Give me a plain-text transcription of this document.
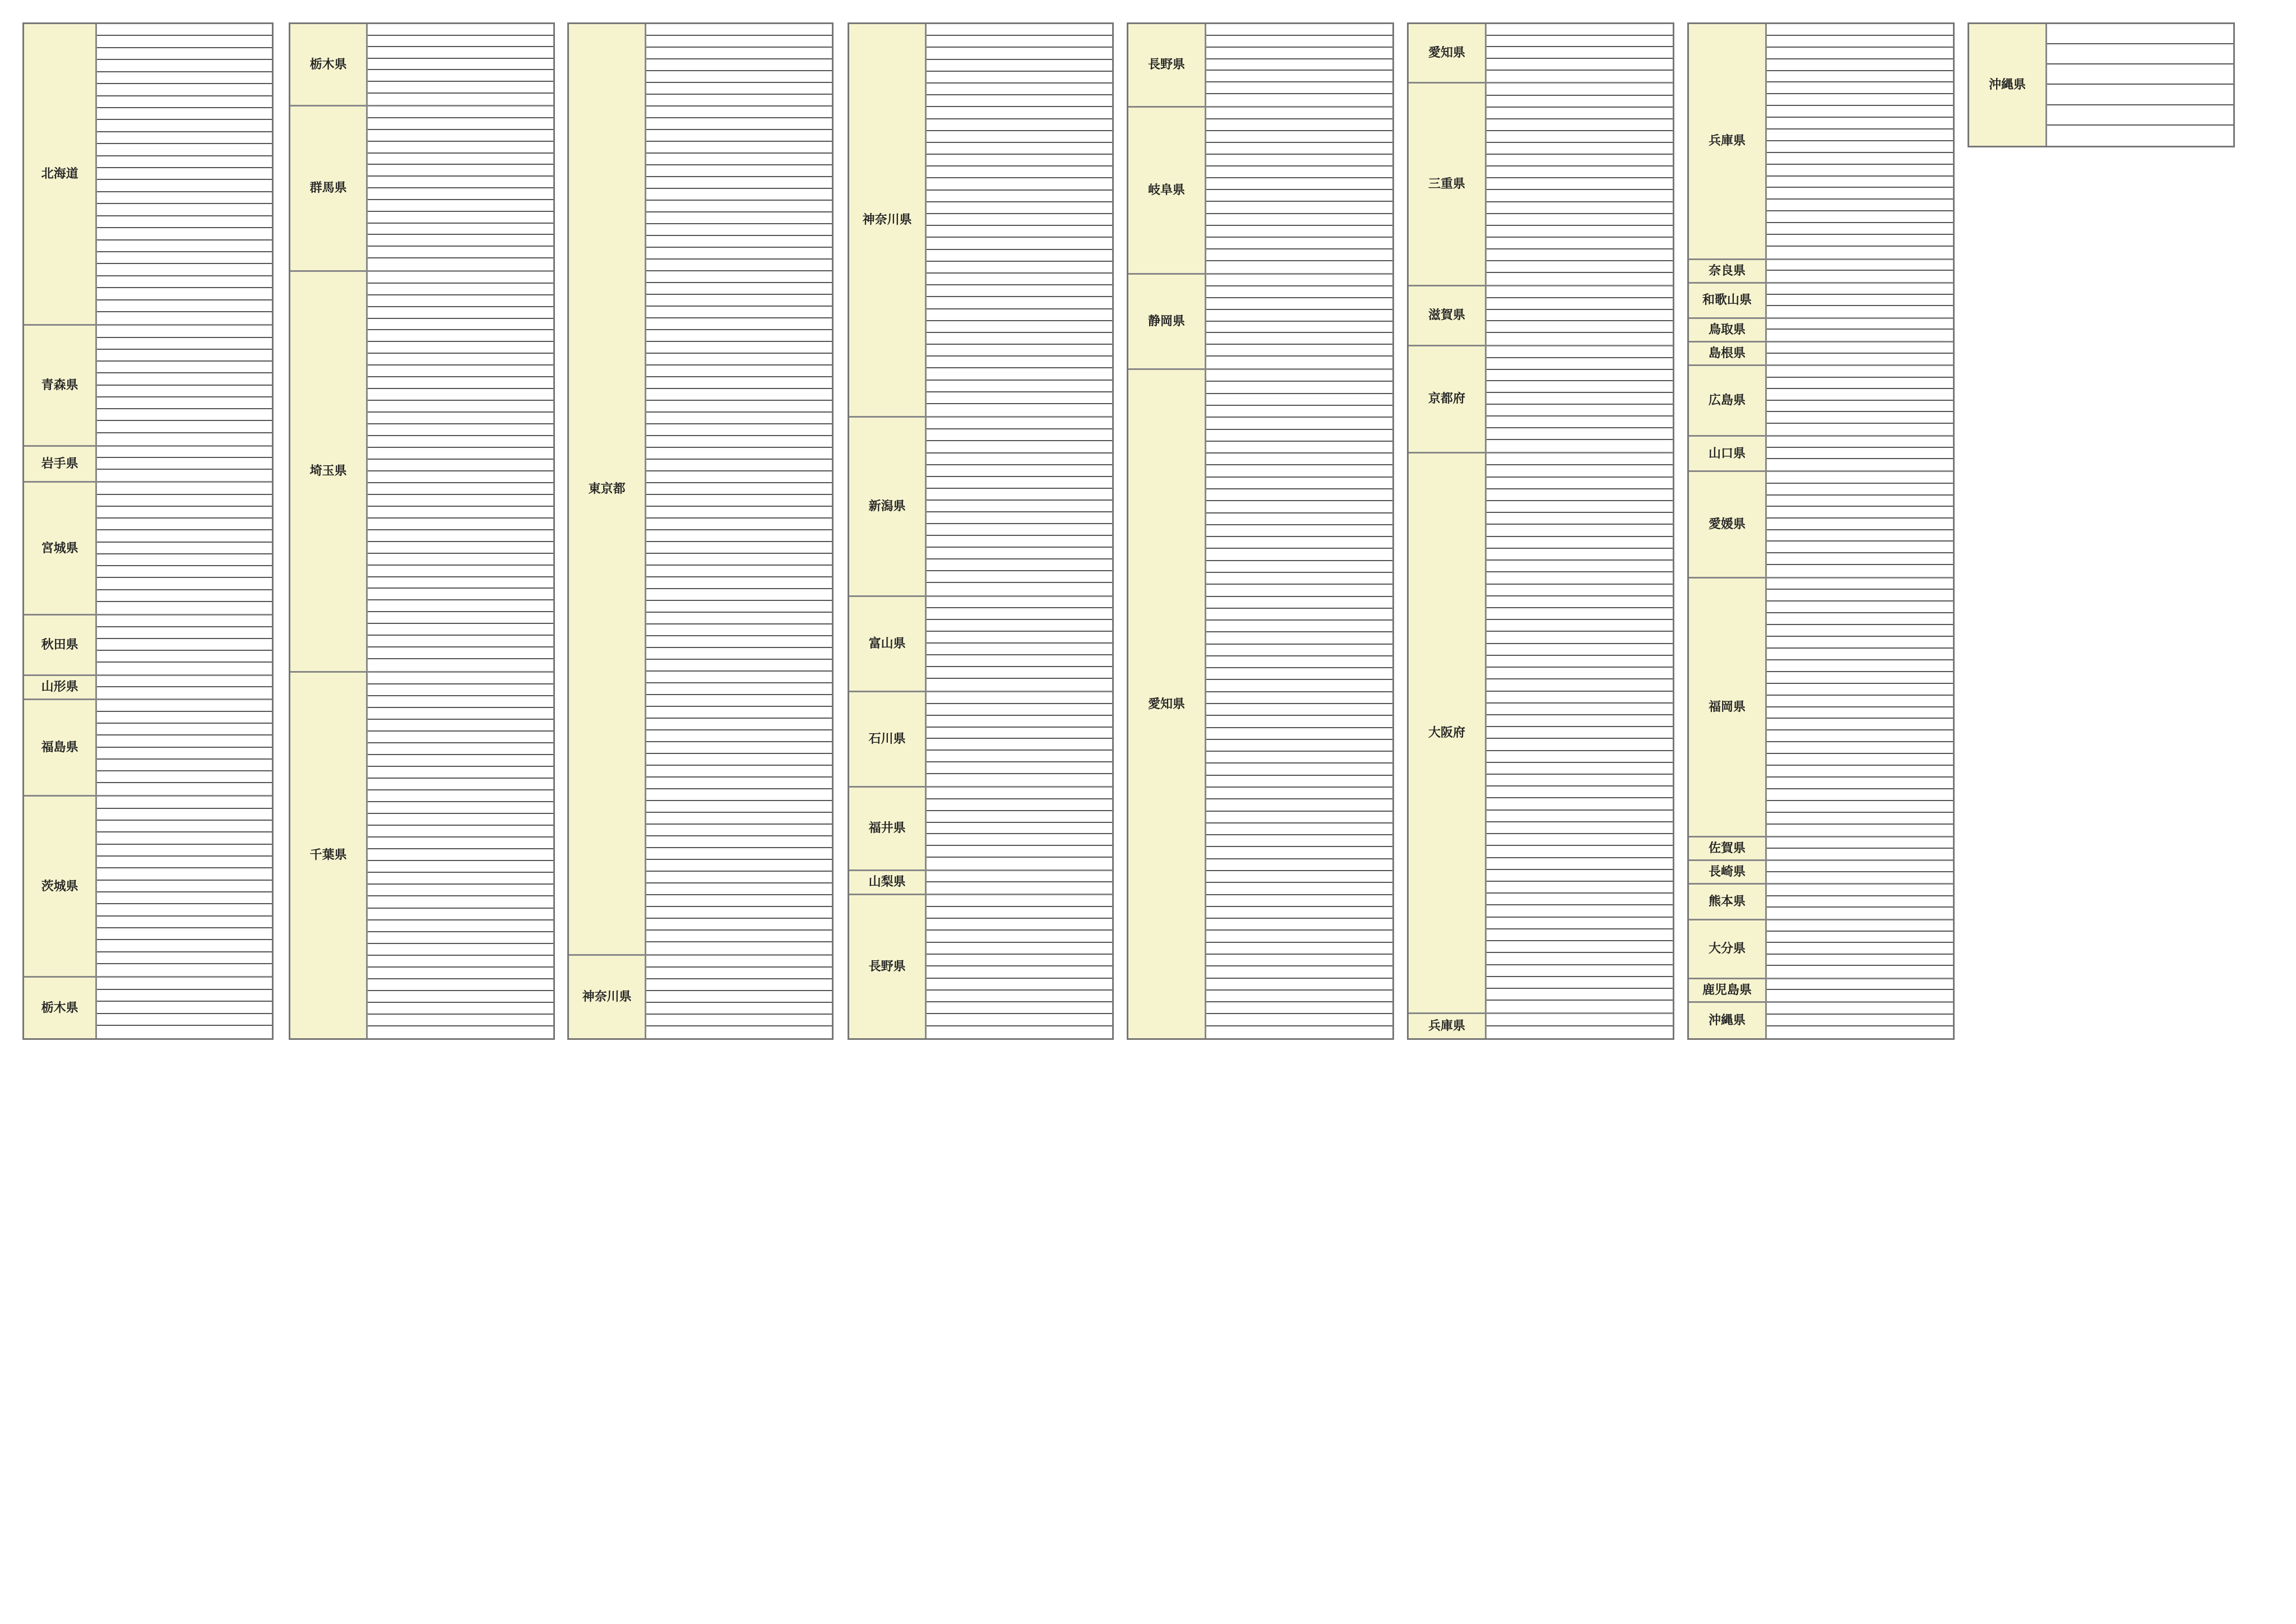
北海道
青森県
岩手県
宮城県
秋田県
山形県
福島県
茨城県
栃木県
栃木県
群馬県
埼玉県
千葉県
東京都
神奈川県
神奈川県
新潟県
富山県
石川県
福井県
山梨県
長野県
長野県
岐阜県
静岡県
愛知県
愛知県
三重県
滋賀県
京都府
大阪府
兵庫県
兵庫県
奈良県
和歌山県
鳥取県
島根県
広島県
山口県
愛媛県
福岡県
佐賀県
長崎県
熊本県
大分県
鹿児島県
沖縄県
沖縄県
